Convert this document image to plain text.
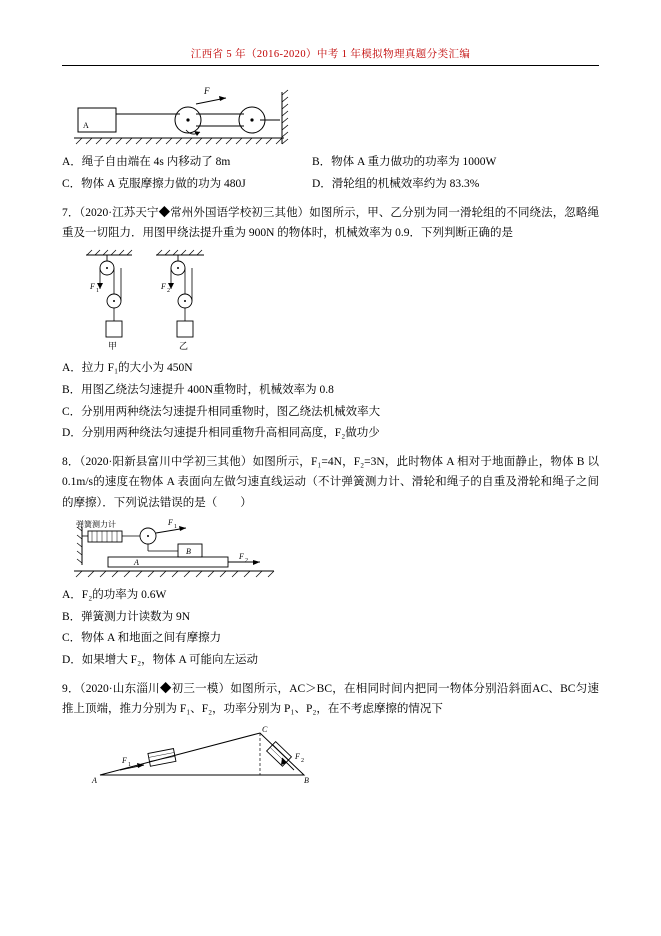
江西省 5 年（2016-2020）中考 1 年模拟物理真题分类汇编
A
F
A．绳子自由端在 4s 内移动了 8m	B．物体 A 重力做功的功率为 1000W
C．物体 A 克服摩擦力做的功为 480J	D．滑轮组的机械效率约为 83.3%

7．（2020·江苏天宁◆常州外国语学校初三其他）如图所示，甲、乙分别为同一滑轮组的不同绕法，忽略绳重及一切阻力．用图甲绕法提升重为 900N 的物体时，机械效率为 0.9．下列判断正确的是

F 1
甲
F 2
乙
A．拉力 F₁的大小为 450N
B．用图乙绕法匀速提升 400N重物时，机械效率为 0.8
C．分别用两种绕法匀速提升相同重物时，图乙绕法机械效率大
D．分别用两种绕法匀速提升相同重物升高相同高度，F₂做功少

8．（2020·阳新县富川中学初三其他）如图所示，F₁=4N，F₂=3N，此时物体 A 相对于地面静止，物体 B 以 0.1m/s的速度在物体 A 表面向左做匀速直线运动（不计弹簧测力计、滑轮和绳子的自重及滑轮和绳子之间的摩擦）．下列说法错误的是（　　）

弹簧测力计	F 1
B
A
F 2
A．F₂的功率为 0.6W
B．弹簧测力计读数为 9N
C．物体 A 和地面之间有摩擦力
D．如果增大 F₂，物体 A 可能向左运动

9．（2020·山东淄川◆初三一模）如图所示，AC＞BC，在相同时间内把同一物体分别沿斜面AC、BC匀速推上顶端，推力分别为 F₁、F₂，功率分别为 P₁、P₂，在不考虑摩擦的情况下

F 1
F 2
A	B
C
